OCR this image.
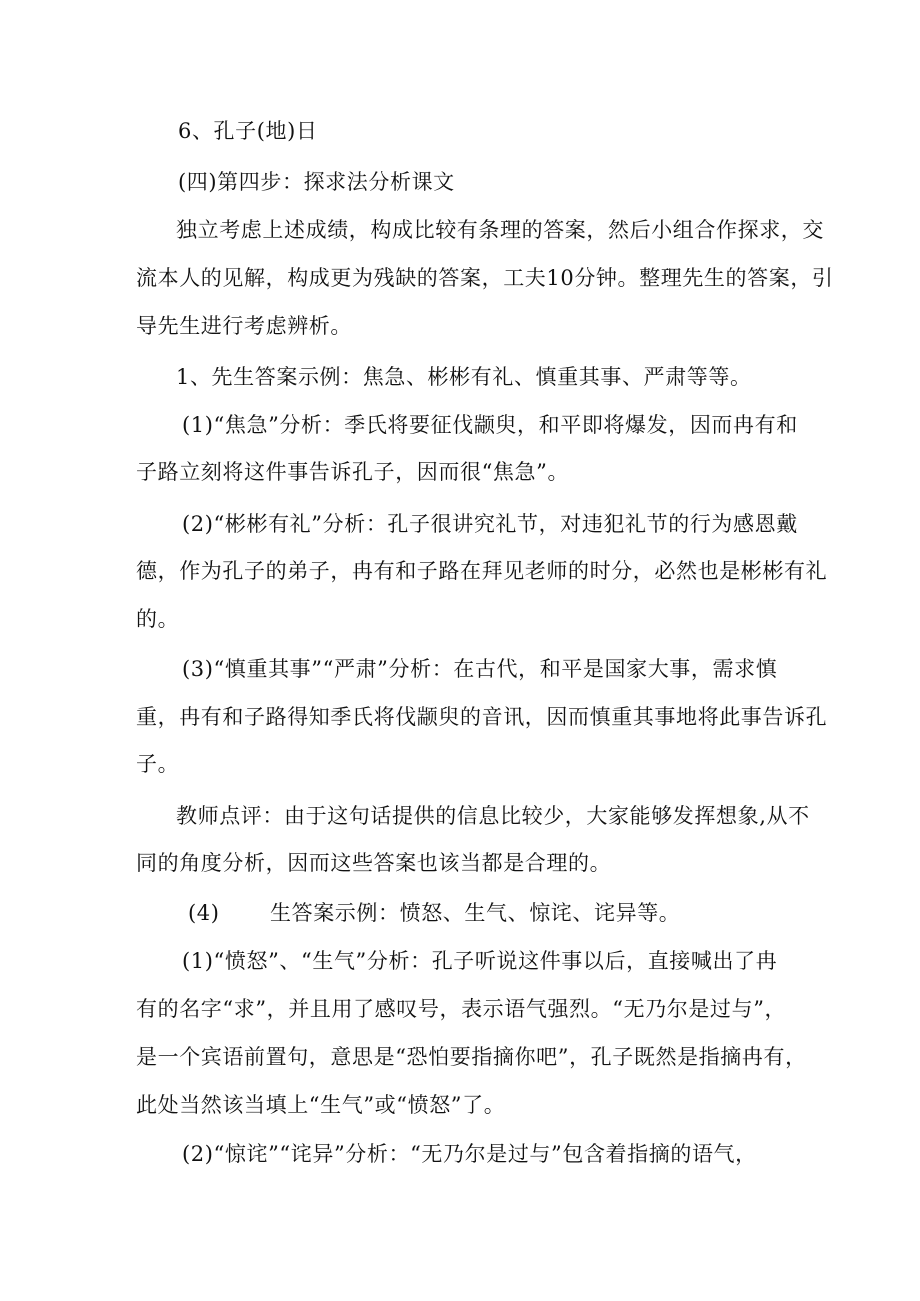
6、孔子(地)日
(四)第四步：探求法分析课文
独立考虑上述成绩，构成比较有条理的答案，然后小组合作探求，交
流本人的见解，构成更为残缺的答案，工夫10分钟。整理先生的答案，引
导先生进行考虑辨析。
1、先生答案示例：焦急、彬彬有礼、慎重其事、严肃等等。
(1)“焦急”分析：季氏将要征伐颛臾，和平即将爆发，因而冉有和
子路立刻将这件事告诉孔子，因而很“焦急”。
(2)“彬彬有礼”分析：孔子很讲究礼节，对违犯礼节的行为感恩戴
德，作为孔子的弟子，冉有和子路在拜见老师的时分，必然也是彬彬有礼
的。
(3)“慎重其事”“严肃”分析：在古代，和平是国家大事，需求慎
重，冉有和子路得知季氏将伐颛臾的音讯，因而慎重其事地将此事告诉孔
子。
教师点评：由于这句话提供的信息比较少，大家能够发挥想象,从不
同的角度分析，因而这些答案也该当都是合理的。
(4) 生答案示例：愤怒、生气、惊诧、诧异等。
(1)“愤怒”、“生气”分析：孔子听说这件事以后，直接喊出了冉
有的名字“求”，并且用了感叹号，表示语气强烈。“无乃尔是过与”，
是一个宾语前置句，意思是“恐怕要指摘你吧”，孔子既然是指摘冉有，
此处当然该当填上“生气”或“愤怒”了。
(2)“惊诧”“诧异”分析：“无乃尔是过与”包含着指摘的语气，
